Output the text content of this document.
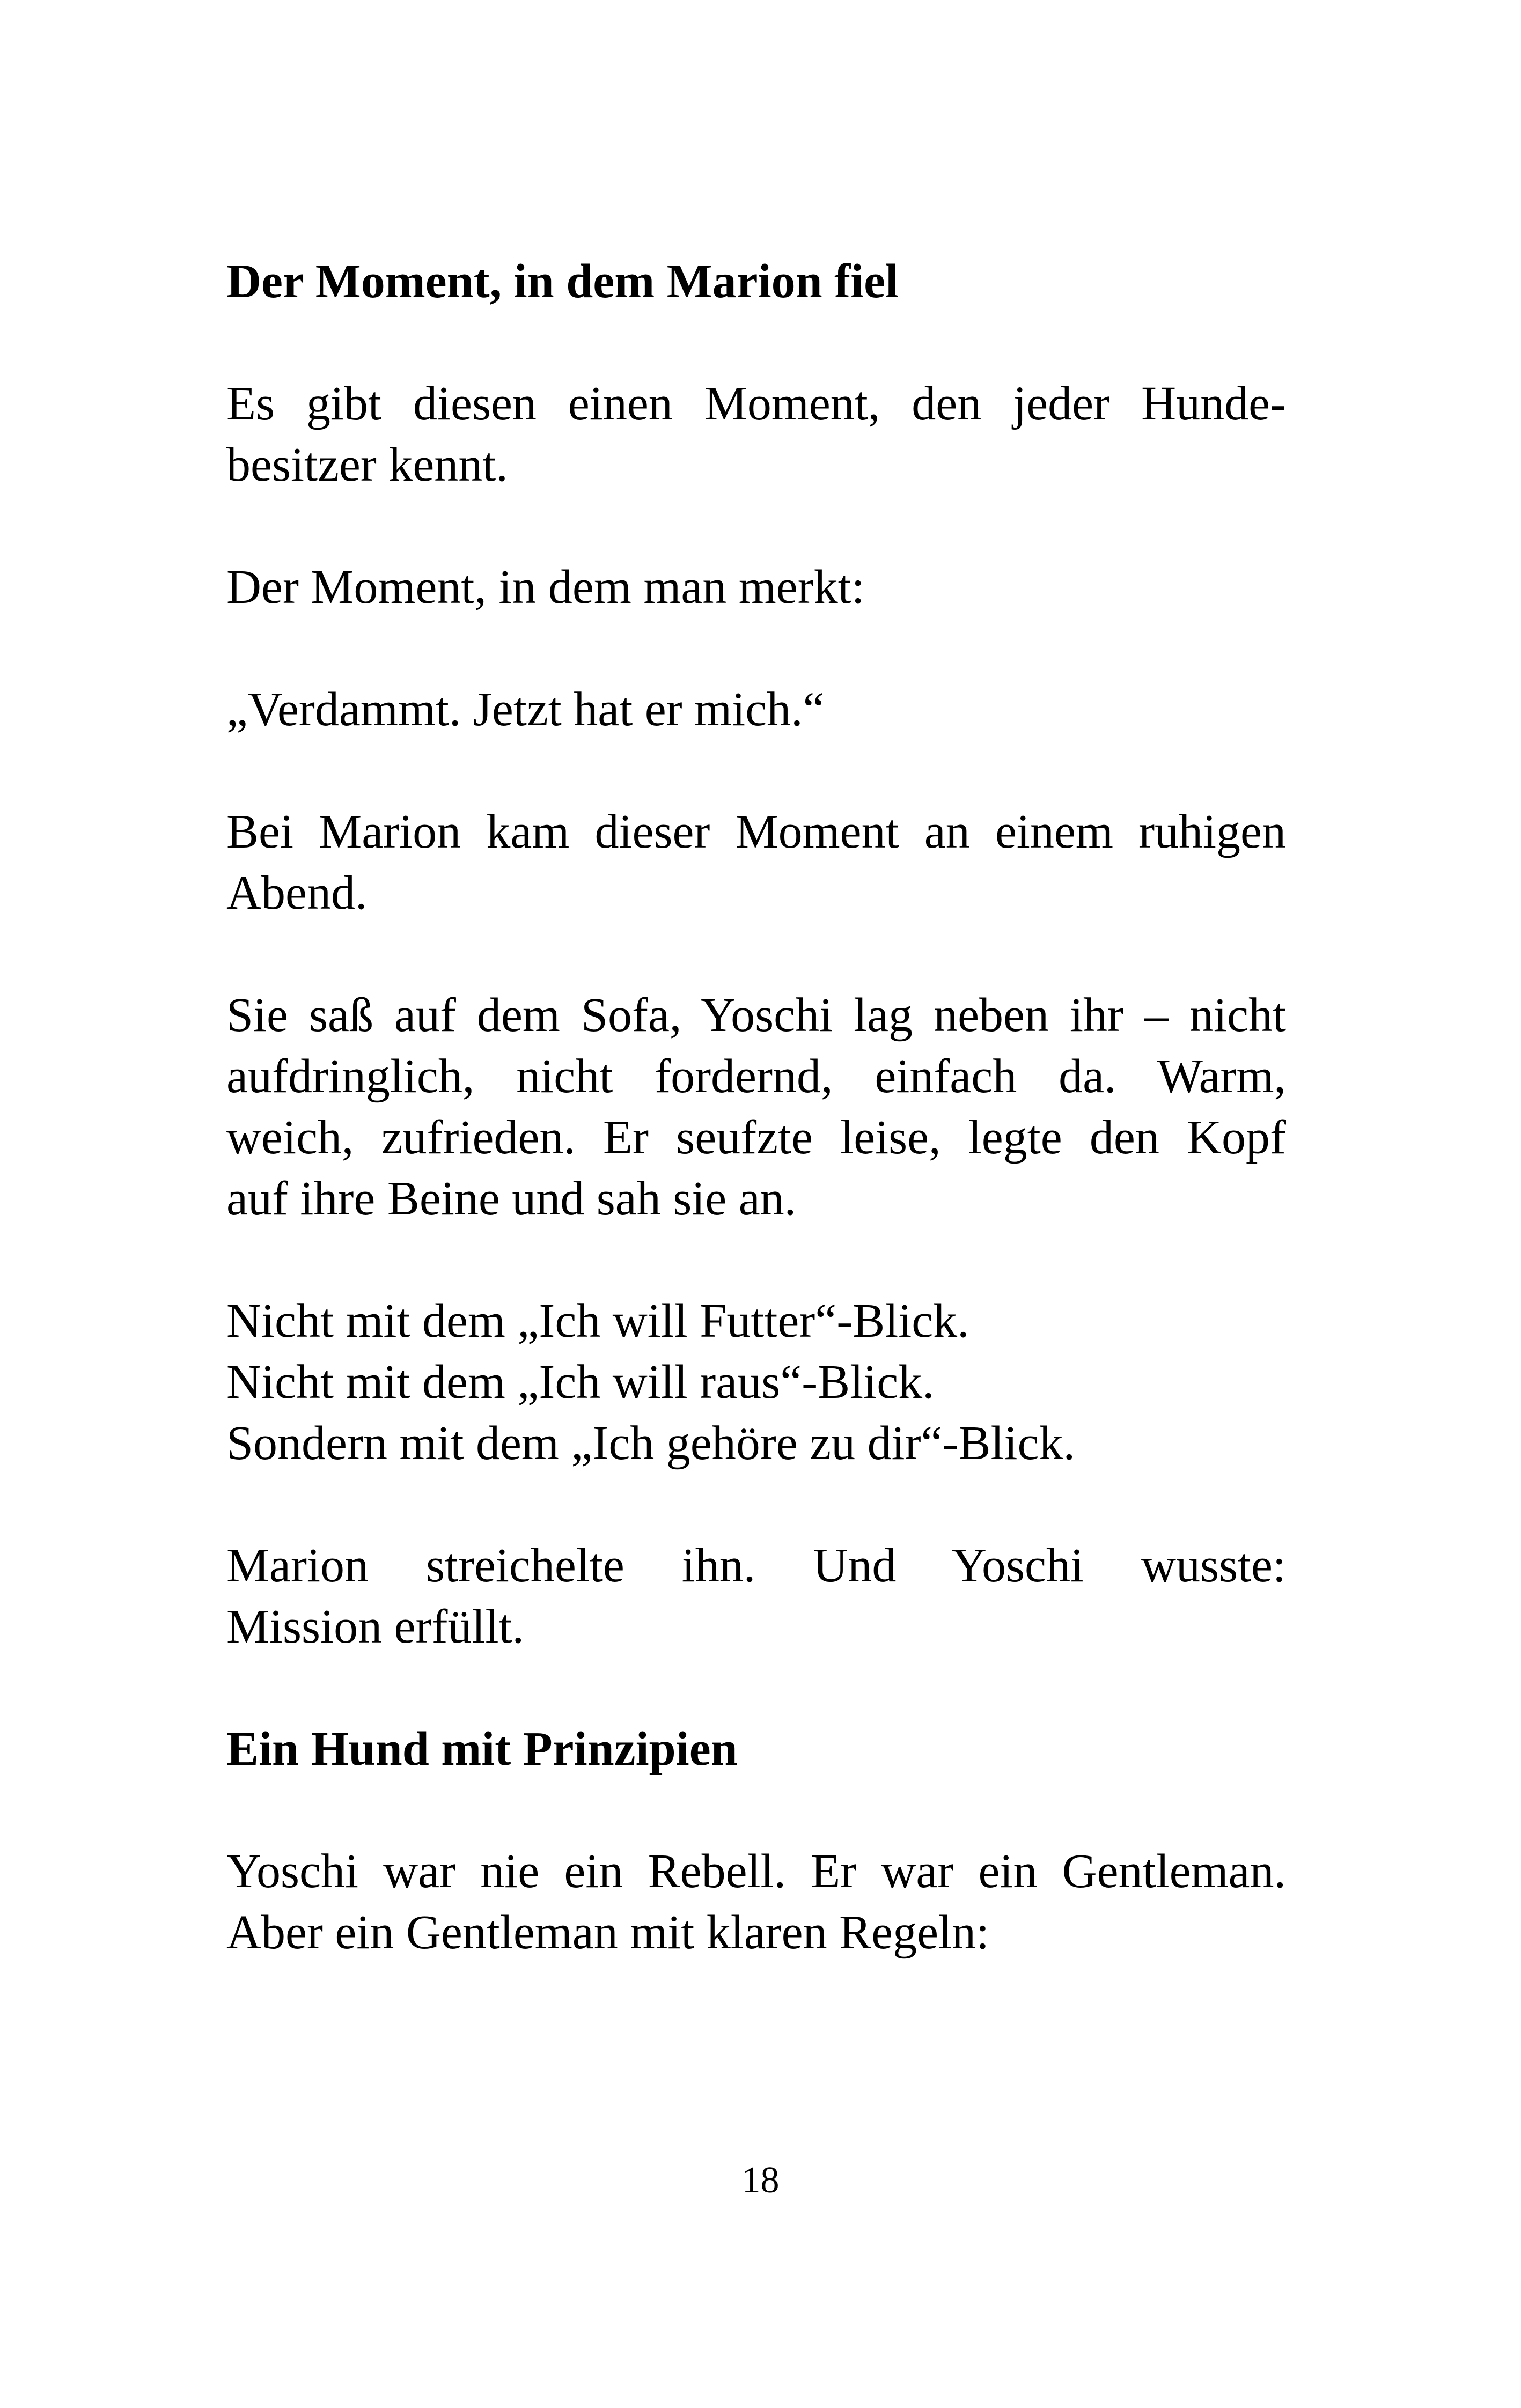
Der Moment, in dem Marion fiel
Es gibt diesen einen Moment, den jeder Hunde-
besitzer kennt.
Der Moment, in dem man merkt:
„Verdammt. Jetzt hat er mich.“
Bei Marion kam dieser Moment an einem ruhigen
Abend.
Sie saß auf dem Sofa, Yoschi lag neben ihr – nicht
aufdringlich, nicht fordernd, einfach da. Warm,
weich, zufrieden. Er seufzte leise, legte den Kopf
auf ihre Beine und sah sie an.
Nicht mit dem „Ich will Futter“-Blick.
Nicht mit dem „Ich will raus“-Blick.
Sondern mit dem „Ich gehöre zu dir“-Blick.
Marion streichelte ihn. Und Yoschi wusste:
Mission erfüllt.
Ein Hund mit Prinzipien
Yoschi war nie ein Rebell. Er war ein Gentleman.
Aber ein Gentleman mit klaren Regeln:
18
